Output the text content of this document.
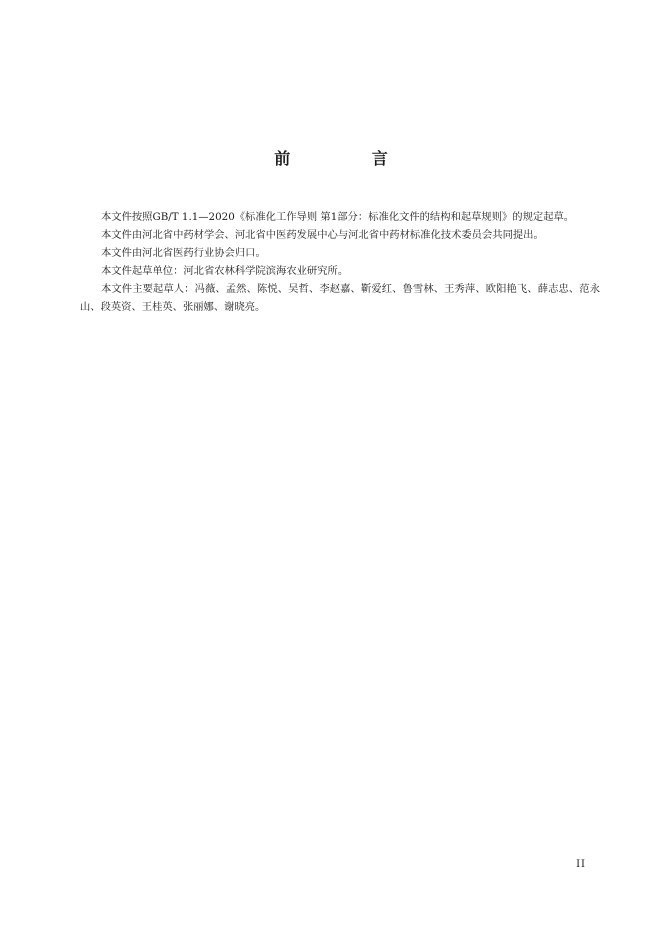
前 言

本文件按照GB/T 1.1—2020《标准化工作导则 第1部分：标准化文件的结构和起草规则》的规定起草。

本文件由河北省中药材学会、河北省中医药发展中心与河北省中药材标准化技术委员会共同提出。

本文件由河北省医药行业协会归口。

本文件起草单位：河北省农林科学院滨海农业研究所。

本文件主要起草人：冯薇、孟然、陈悦、吴哲、李赵嘉、靳爱红、鲁雪林、王秀萍、欧阳艳飞、薛志忠、范永山、段英资、王桂英、张丽娜、谢晓亮。

II
